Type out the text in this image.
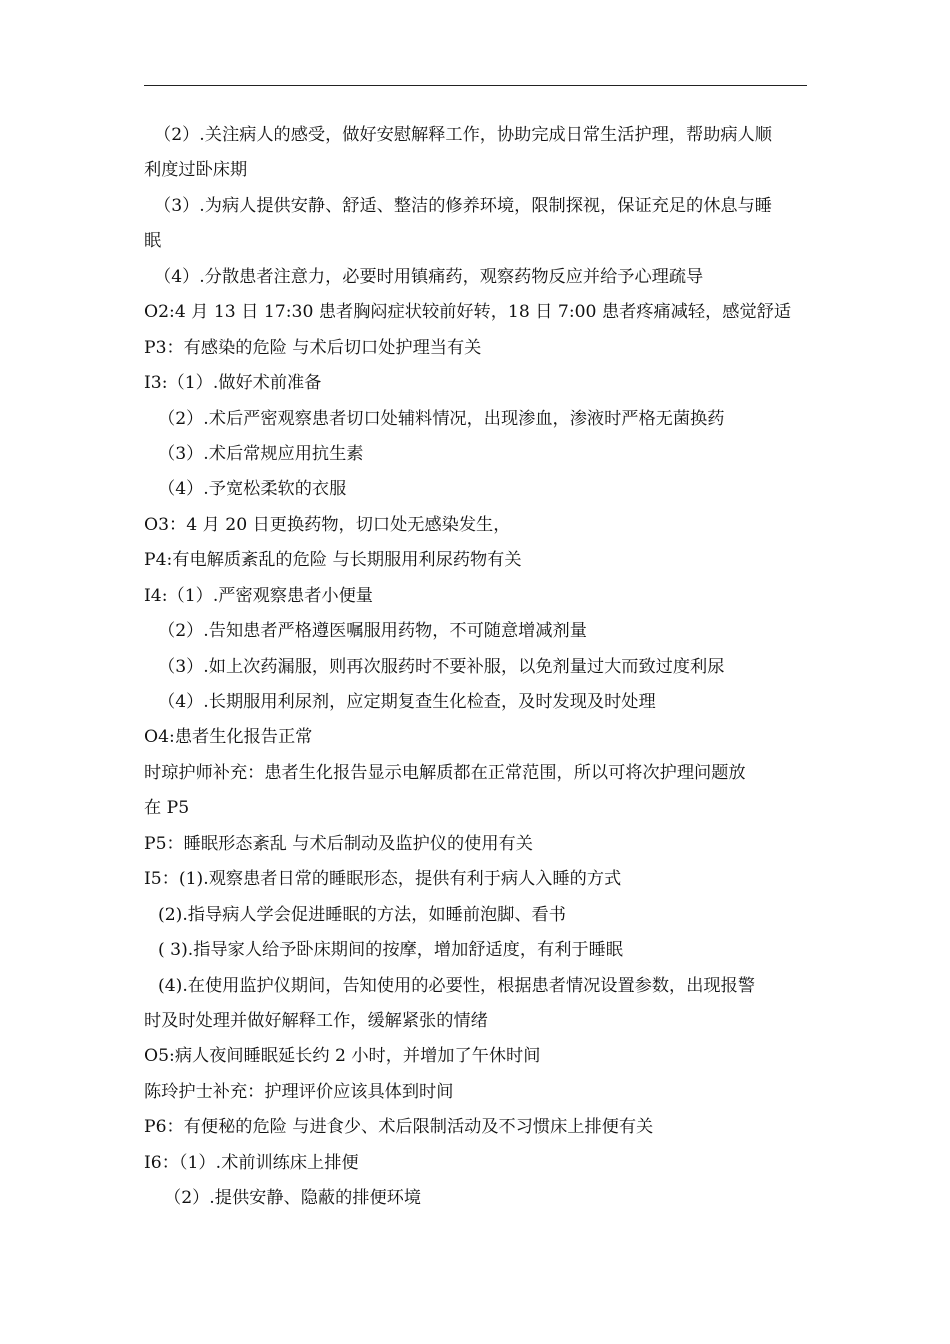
（2）.关注病人的感受，做好安慰解释工作，协助完成日常生活护理，帮助病人顺
利度过卧床期
（3）.为病人提供安静、舒适、整洁的修养环境，限制探视，保证充足的休息与睡
眠
（4）.分散患者注意力，必要时用镇痛药，观察药物反应并给予心理疏导
O2:4 月 13 日 17:30 患者胸闷症状较前好转，18 日 7:00 患者疼痛减轻，感觉舒适
P3：有感染的危险 与术后切口处护理当有关
I3:（1）.做好术前准备
（2）.术后严密观察患者切口处辅料情况，出现渗血，渗液时严格无菌换药
（3）.术后常规应用抗生素
（4）.予宽松柔软的衣服
O3：4 月 20 日更换药物，切口处无感染发生，
P4:有电解质紊乱的危险 与长期服用利尿药物有关
I4:（1）.严密观察患者小便量
（2）.告知患者严格遵医嘱服用药物，不可随意增减剂量
（3）.如上次药漏服，则再次服药时不要补服，以免剂量过大而致过度利尿
（4）.长期服用利尿剂，应定期复查生化检查，及时发现及时处理
O4:患者生化报告正常
时琼护师补充：患者生化报告显示电解质都在正常范围，所以可将次护理问题放
在 P5
P5：睡眠形态紊乱 与术后制动及监护仪的使用有关
I5：(1).观察患者日常的睡眠形态，提供有利于病人入睡的方式
(2).指导病人学会促进睡眠的方法，如睡前泡脚、看书
( 3).指导家人给予卧床期间的按摩，增加舒适度，有利于睡眠
(4).在使用监护仪期间，告知使用的必要性，根据患者情况设置参数，出现报警
时及时处理并做好解释工作，缓解紧张的情绪
O5:病人夜间睡眠延长约 2 小时，并增加了午休时间
陈玲护士补充：护理评价应该具体到时间
P6：有便秘的危险 与进食少、术后限制活动及不习惯床上排便有关
I6：（1）.术前训练床上排便
（2）.提供安静、隐蔽的排便环境
